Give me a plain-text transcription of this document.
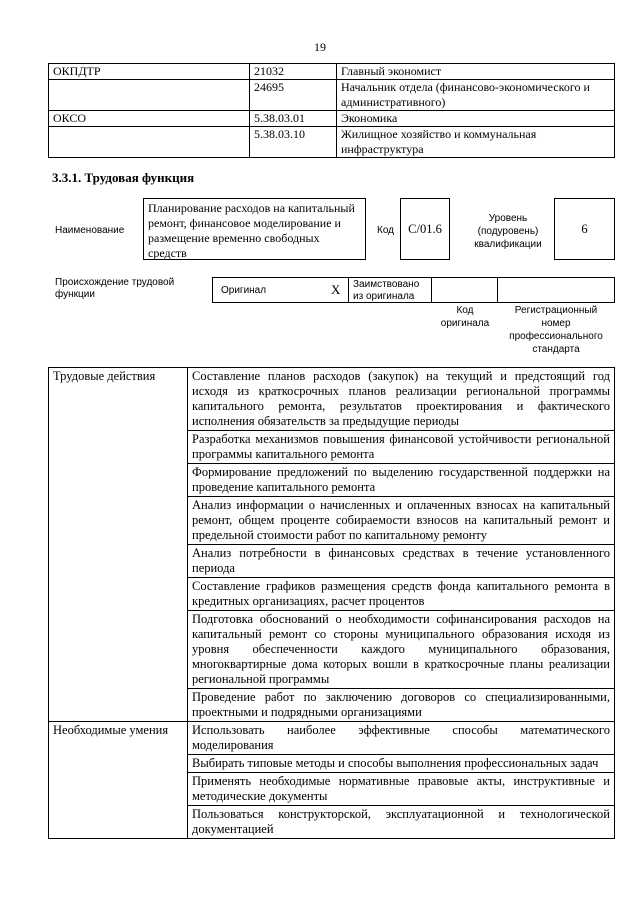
19
ОКПДТР	21032	Главный экономист
	24695	Начальник отдела (финансово-экономического и административного)
ОКСО	5.38.03.01	Экономика
	5.38.03.10	Жилищное хозяйство и коммунальная инфраструктура
3.3.1. Трудовая функция
Наименование
Планирование расходов на капитальный ремонт, финансовое моделирование и размещение временно свободных средств
Код С/01.6
Уровень (подуровень) квалификации
6
Происхождение трудовой функции	Оригинал	X Заимствовано из оригинала
Код оригинала
Регистрационный номер профессионального стандарта
Трудовые действия	Составление планов расходов (закупок) на текущий и предстоящий год исходя из краткосрочных планов реализации региональной программы капитального ремонта, результатов проектирования и фактического исполнения обязательств за предыдущие периоды
	Разработка механизмов повышения финансовой устойчивости региональной программы капитального ремонта
	Формирование предложений по выделению государственной поддержки на проведение капитального ремонта
	Анализ информации о начисленных и оплаченных взносах на капитальный ремонт, общем проценте собираемости взносов на капитальный ремонт и предельной стоимости работ по капитальному ремонту
	Анализ потребности в финансовых средствах в течение установленного периода
	Составление графиков размещения средств фонда капитального ремонта в кредитных организациях, расчет процентов
	Подготовка обоснований о необходимости софинансирования расходов на капитальный ремонт со стороны муниципального образования исходя из уровня обеспеченности каждого муниципального образования, многоквартирные дома которых вошли в краткосрочные планы реализации региональной программы
	Проведение работ по заключению договоров со специализированными, проектными и подрядными организациями
Необходимые умения	Использовать наиболее эффективные способы математического моделирования
	Выбирать типовые методы и способы выполнения профессиональных задач
	Применять необходимые нормативные правовые акты, инструктивные и методические документы
	Пользоваться конструкторской, эксплуатационной и технологической документацией
